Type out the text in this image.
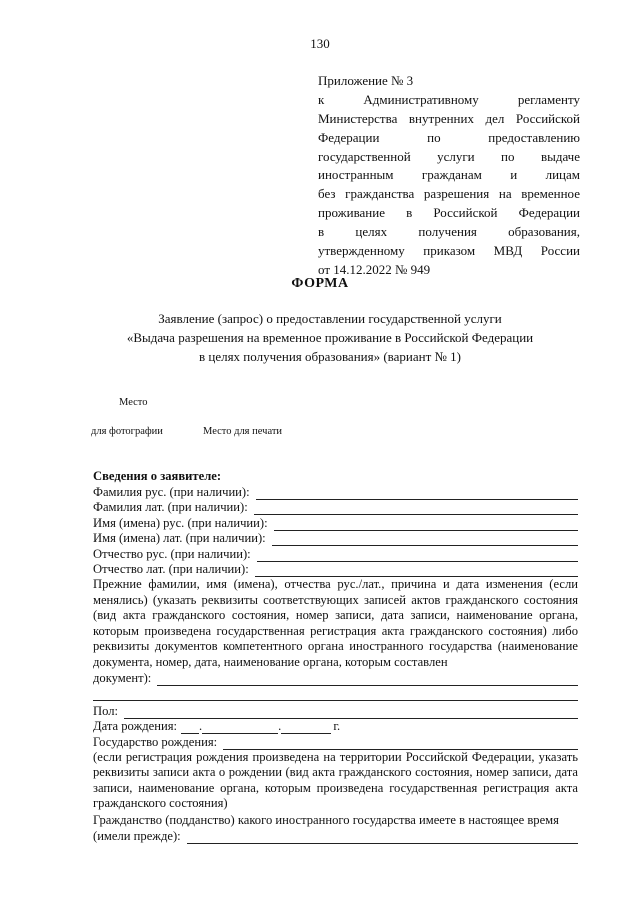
130
Приложение № 3
к Административному регламенту
Министерства внутренних дел Российской
Федерации по предоставлению
государственной услуги по выдаче
иностранным гражданам и лицам
без гражданства разрешения на временное
проживание в Российской Федерации
в целях получения образования,
утвержденному приказом МВД России
от 14.12.2022 № 949
ФОРМА
Заявление (запрос) о предоставлении государственной услуги
«Выдача разрешения на временное проживание в Российской Федерации
в целях получения образования» (вариант № 1)
Место
для фотографии	Место для печати
Сведения о заявителе:
Фамилия рус. (при наличии):
Фамилия лат. (при наличии):
Имя (имена) рус. (при наличии):
Имя (имена) лат. (при наличии):
Отчество рус. (при наличии):
Отчество лат. (при наличии):
Прежние фамилии, имя (имена), отчества рус./лат., причина и дата изменения (если менялись) (указать реквизиты соответствующих записей актов гражданского состояния (вид акта гражданского состояния, номер записи, дата записи, наименование органа, которым произведена государственная регистрация акта гражданского состояния) либо реквизиты документов компетентного органа иностранного государства (наименование документа, номер, дата, наименование органа, которым составлен
документ):
Пол:
Дата рождения: .	.	г.
Государство рождения:
(если регистрация рождения произведена на территории Российской Федерации, указать реквизиты записи акта о рождении (вид акта гражданского состояния, номер записи, дата записи, наименование органа, которым произведена государственная регистрация акта гражданского состояния)
Гражданство (подданство) какого иностранного государства имеете в настоящее время
(имели прежде):
